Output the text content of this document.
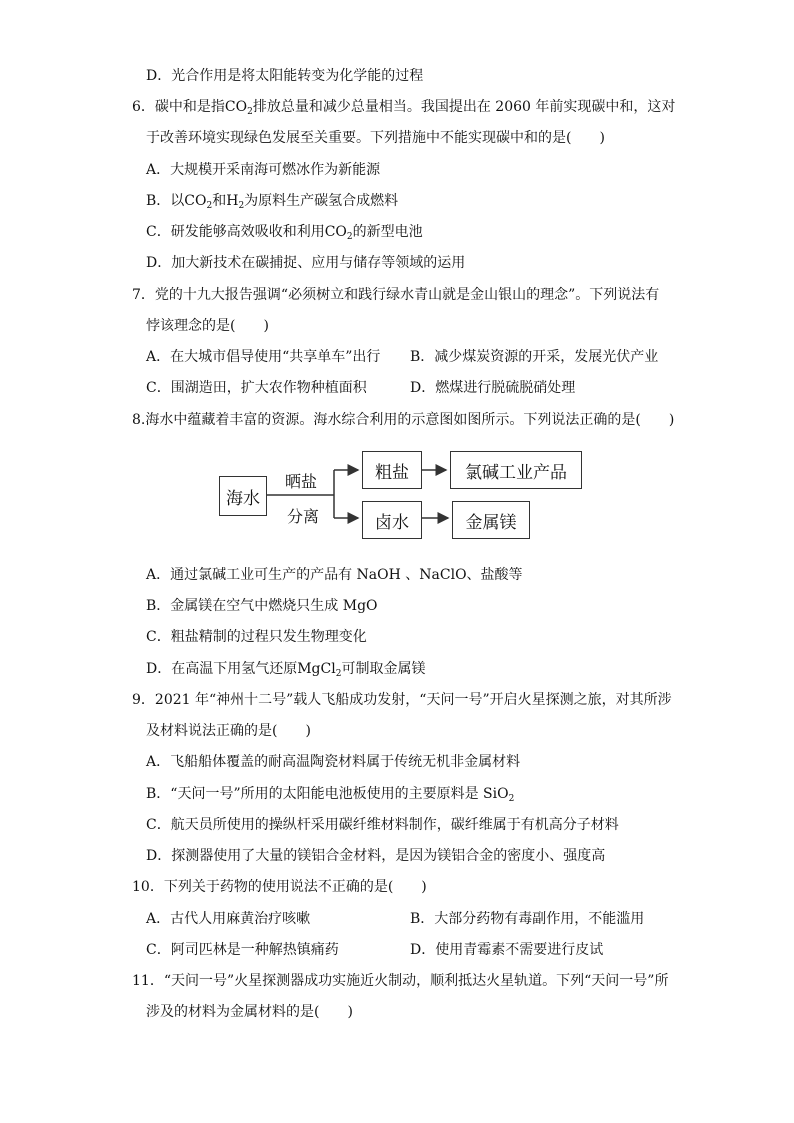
D．光合作用是将太阳能转变为化学能的过程
6．碳中和是指$CO_2$排放总量和减少总量相当。我国提出在 2060 年前实现碳中和，这对
于改善环境实现绿色发展至关重要。下列措施中不能实现碳中和的是(　　)
A．大规模开采南海可燃冰作为新能源
B．以$CO_2$和$H_2$为原料生产碳氢合成燃料
C．研发能够高效吸收和利用$CO_2$的新型电池
D．加大新技术在碳捕捉、应用与储存等领域的运用
7．党的十九大报告强调“必须树立和践行绿水青山就是金山银山的理念”。下列说法有
悖该理念的是(　　)
A．在大城市倡导使用“共享单车”出行 B．减少煤炭资源的开采，发展光伏产业
C．围湖造田，扩大农作物种植面积	D．燃煤进行脱硫脱硝处理
8.海水中蕴藏着丰富的资源。海水综合利用的示意图如图所示。下列说法正确的是(　　)
海水
晒盐
分离
粗盐	氯碱工业产品
卤水	金属镁
A．通过氯碱工业可生产的产品有 NaOH 、NaClO、盐酸等
B．金属镁在空气中燃烧只生成 MgO
C．粗盐精制的过程只发生物理变化
D．在高温下用氢气还原MgCl$_2$可制取金属镁
9．2021 年“神州十二号”载人飞船成功发射，“天问一号”开启火星探测之旅，对其所涉
及材料说法正确的是(　　)
A．飞船船体覆盖的耐高温陶瓷材料属于传统无机非金属材料
B．“天问一号”所用的太阳能电池板使用的主要原料是 SiO$_2$
C．航天员所使用的操纵杆采用碳纤维材料制作，碳纤维属于有机高分子材料
D．探测器使用了大量的镁铝合金材料，是因为镁铝合金的密度小、强度高
10．下列关于药物的使用说法不正确的是(　　)
A．古代人用麻黄治疗咳嗽	B．大部分药物有毒副作用，不能滥用
C．阿司匹林是一种解热镇痛药	D．使用青霉素不需要进行皮试
11．“天问一号”火星探测器成功实施近火制动，顺利抵达火星轨道。下列“天问一号”所
涉及的材料为金属材料的是(　　)
